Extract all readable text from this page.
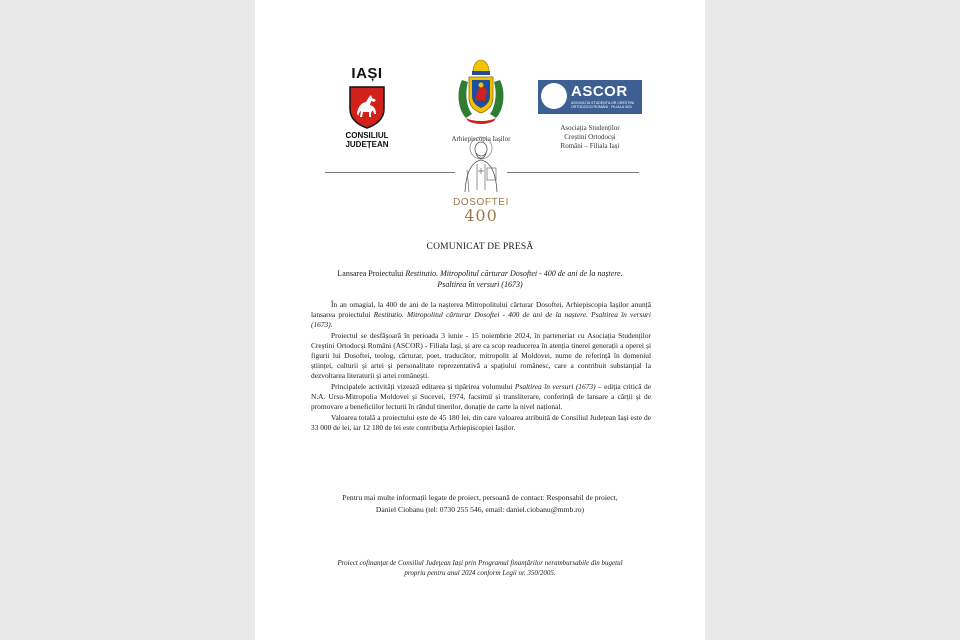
IAȘI
CONSILIUL
JUDEȚEAN
Arhiepiscopia Iașilor
ASCOR
ASOCIAȚIA STUDENȚILOR CREȘTINI ORTODOCȘI ROMÂNI · FILIALA IAȘI
Asociația Studenților
Creștini Ortodocși
Români – Filiala Iași
DOSOFTEI
400
COMUNICAT DE PRESĂ
Lansarea Proiectului Restitutio. Mitropolitul cărturar Dosoftei - 400 de ani de la naștere.
Psaltirea în versuri (1673)

În an omagial, la 400 de ani de la nașterea Mitropolitului cărturar Dosoftei, Arhiepiscopia Iașilor anunță lansarea proiectului Restitutio. Mitropolitul cărturar Dosoftei - 400 de ani de la naștere. Psaltirea în versuri (1673).

Proiectul se desfășoară în perioada 3 iunie - 15 noiembrie 2024, în parteneriat cu Asociația Studenților Creștini Ortodocși Români (ASCOR) - Filiala Iași, și are ca scop readucerea în atenția tinerei generații a operei și figurii lui Dosoftei, teolog, cărturar, poet, traducător, mitropolit al Moldovei, nume de referință în domeniul științei, culturii și artei și personalitate reprezentativă a spațiului românesc, care a contribuit substanțial la dezvoltarea literaturii și artei românești.

Principalele activități vizează editarea și tipărirea volumului Psaltirea în versuri (1673) – ediția critică de N.A. Ursu-Mitropolia Moldovei și Sucevei, 1974, facsimil și transliterare, conferință de lansare a cărții și de promovare a beneficiilor lecturii în rândul tinerilor, donație de carte la nivel național.

Valoarea totală a proiectului este de 45 180 lei, din care valoarea atribuită de Consiliul Județean Iași este de 33 000 de lei, iar 12 180 de lei este contribuția Arhiepiscopiei Iașilor.

Pentru mai multe informații legate de proiect, persoană de contact: Responsabil de proiect,
Daniel Ciobanu (tel: 0730 255 546, email: daniel.ciobanu@mmb.ro)
Proiect cofinanțat de Consiliul Județean Iași prin Programul finanțărilor nerambursabile din bugetul
propriu pentru anul 2024 conform Legii nr. 350/2005.
